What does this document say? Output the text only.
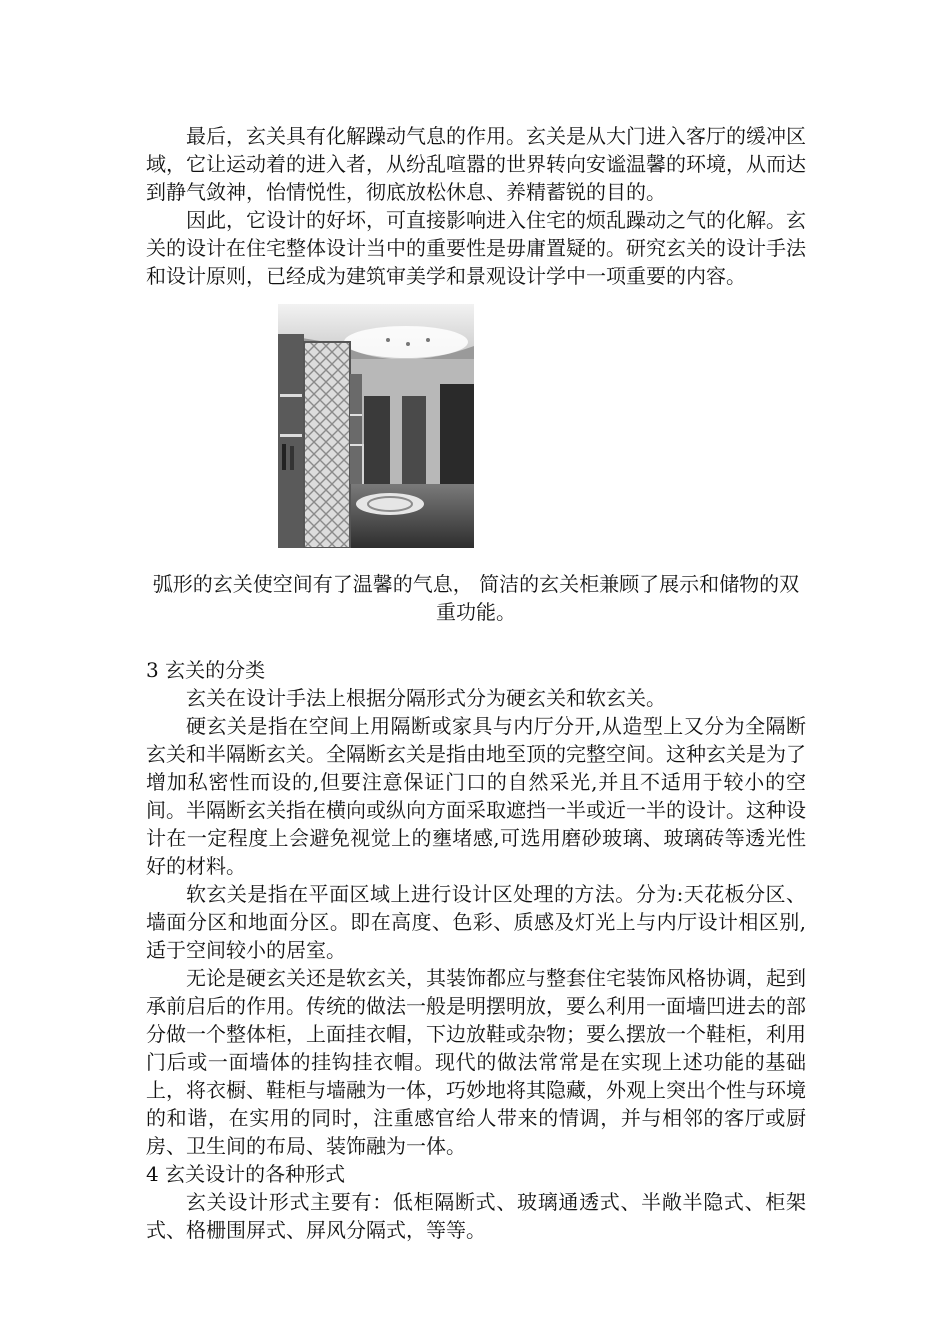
最后，玄关具有化解躁动气息的作用。玄关是从大门进入客厅的缓冲区域，它让运动着的进入者，从纷乱喧嚣的世界转向安谧温馨的环境，从而达到静气敛神，怡情悦性，彻底放松休息、养精蓄锐的目的。

因此，它设计的好坏，可直接影响进入住宅的烦乱躁动之气的化解。玄关的设计在住宅整体设计当中的重要性是毋庸置疑的。研究玄关的设计手法和设计原则，已经成为建筑审美学和景观设计学中一项重要的内容。

弧形的玄关使空间有了温馨的气息， 简洁的玄关柜兼顾了展示和储物的双重功能。

3 玄关的分类

玄关在设计手法上根据分隔形式分为硬玄关和软玄关。

硬玄关是指在空间上用隔断或家具与内厅分开,从造型上又分为全隔断玄关和半隔断玄关。全隔断玄关是指由地至顶的完整空间。这种玄关是为了增加私密性而设的,但要注意保证门口的自然采光,并且不适用于较小的空间。半隔断玄关指在横向或纵向方面采取遮挡一半或近一半的设计。这种设计在一定程度上会避免视觉上的壅堵感,可选用磨砂玻璃、玻璃砖等透光性好的材料。

软玄关是指在平面区域上进行设计区处理的方法。分为:天花板分区、墙面分区和地面分区。即在高度、色彩、质感及灯光上与内厅设计相区别,适于空间较小的居室。

无论是硬玄关还是软玄关，其装饰都应与整套住宅装饰风格协调，起到承前启后的作用。传统的做法一般是明摆明放，要么利用一面墙凹进去的部分做一个整体柜，上面挂衣帽，下边放鞋或杂物；要么摆放一个鞋柜，利用门后或一面墙体的挂钩挂衣帽。现代的做法常常是在实现上述功能的基础上，将衣橱、鞋柜与墙融为一体，巧妙地将其隐藏，外观上突出个性与环境的和谐，在实用的同时，注重感官给人带来的情调，并与相邻的客厅或厨房、卫生间的布局、装饰融为一体。

4 玄关设计的各种形式

玄关设计形式主要有：低柜隔断式、玻璃通透式、半敞半隐式、柜架式、格栅围屏式、屏风分隔式，等等。
